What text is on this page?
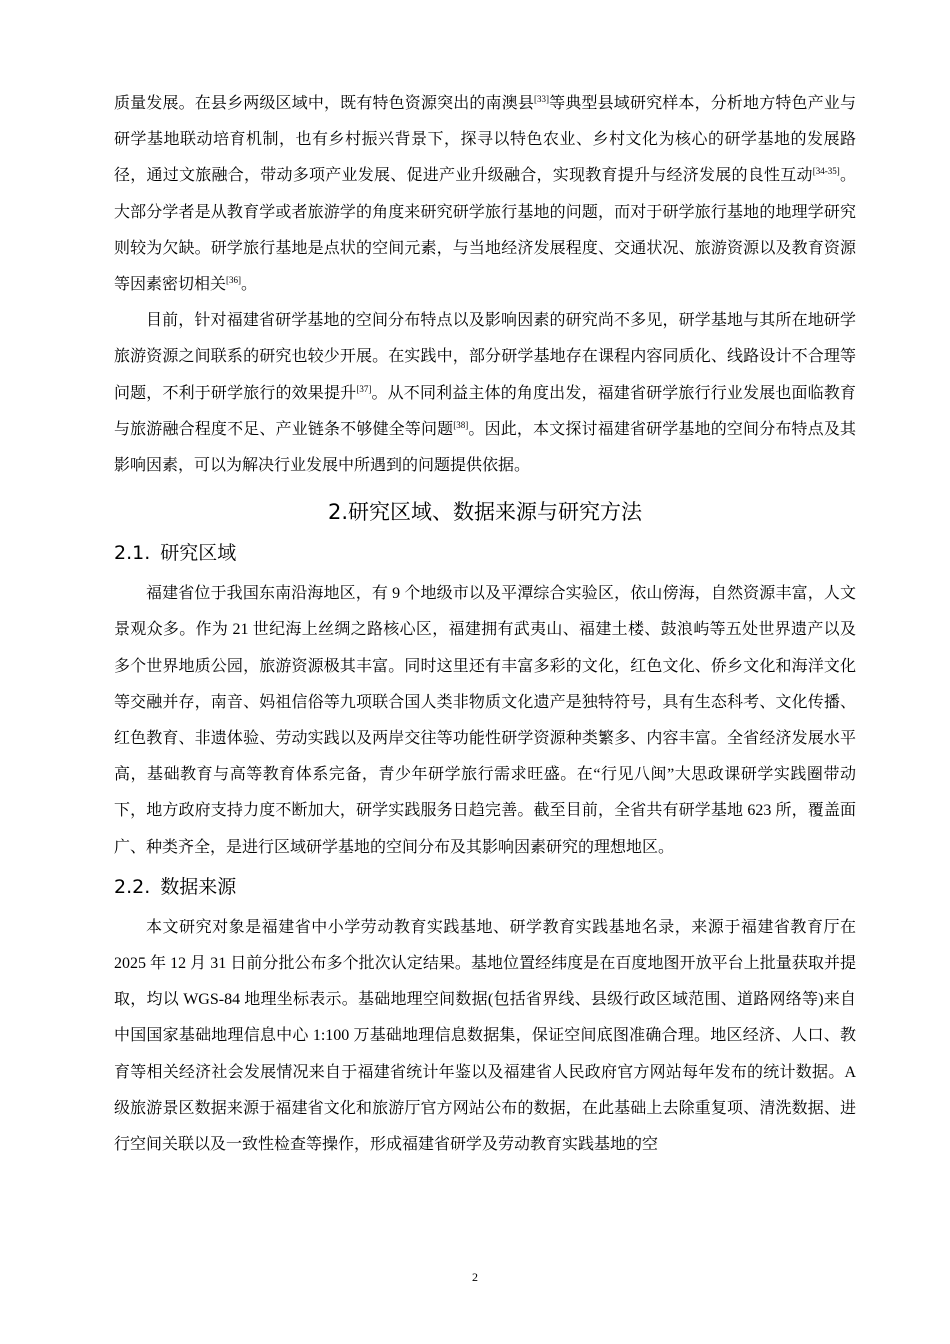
质量发展。在县乡两级区域中，既有特色资源突出的南澳县[33]等典型县域研究样本，分析地方特色产业与研学基地联动培育机制，也有乡村振兴背景下，探寻以特色农业、乡村文化为核心的研学基地的发展路径，通过文旅融合，带动多项产业发展、促进产业升级融合，实现教育提升与经济发展的良性互动[34-35]。大部分学者是从教育学或者旅游学的角度来研究研学旅行基地的问题，而对于研学旅行基地的地理学研究则较为欠缺。研学旅行基地是点状的空间元素，与当地经济发展程度、交通状况、旅游资源以及教育资源等因素密切相关[36]。

目前，针对福建省研学基地的空间分布特点以及影响因素的研究尚不多见，研学基地与其所在地研学旅游资源之间联系的研究也较少开展。在实践中，部分研学基地存在课程内容同质化、线路设计不合理等问题，不利于研学旅行的效果提升[37]。从不同利益主体的角度出发，福建省研学旅行行业发展也面临教育与旅游融合程度不足、产业链条不够健全等问题[38]。因此，本文探讨福建省研学基地的空间分布特点及其影响因素，可以为解决行业发展中所遇到的问题提供依据。

2.研究区域、数据来源与研究方法
2.1. 研究区域

福建省位于我国东南沿海地区，有 9 个地级市以及平潭综合实验区，依山傍海，自然资源丰富，人文景观众多。作为 21 世纪海上丝绸之路核心区，福建拥有武夷山、福建土楼、鼓浪屿等五处世界遗产以及多个世界地质公园，旅游资源极其丰富。同时这里还有丰富多彩的文化，红色文化、侨乡文化和海洋文化等交融并存，南音、妈祖信俗等九项联合国人类非物质文化遗产是独特符号，具有生态科考、文化传播、红色教育、非遗体验、劳动实践以及两岸交往等功能性研学资源种类繁多、内容丰富。全省经济发展水平高，基础教育与高等教育体系完备，青少年研学旅行需求旺盛。在“行见八闽”大思政课研学实践圈带动下，地方政府支持力度不断加大，研学实践服务日趋完善。截至目前，全省共有研学基地 623 所，覆盖面广、种类齐全，是进行区域研学基地的空间分布及其影响因素研究的理想地区。

2.2. 数据来源

本文研究对象是福建省中小学劳动教育实践基地、研学教育实践基地名录，来源于福建省教育厅在 2025 年 12 月 31 日前分批公布多个批次认定结果。基地位置经纬度是在百度地图开放平台上批量获取并提取，均以 WGS-84 地理坐标表示。基础地理空间数据(包括省界线、县级行政区域范围、道路网络等)来自中国国家基础地理信息中心 1:100 万基础地理信息数据集，保证空间底图准确合理。地区经济、人口、教育等相关经济社会发展情况来自于福建省统计年鉴以及福建省人民政府官方网站每年发布的统计数据。A 级旅游景区数据来源于福建省文化和旅游厅官方网站公布的数据，在此基础上去除重复项、清洗数据、进行空间关联以及一致性检查等操作，形成福建省研学及劳动教育实践基地的空

2
